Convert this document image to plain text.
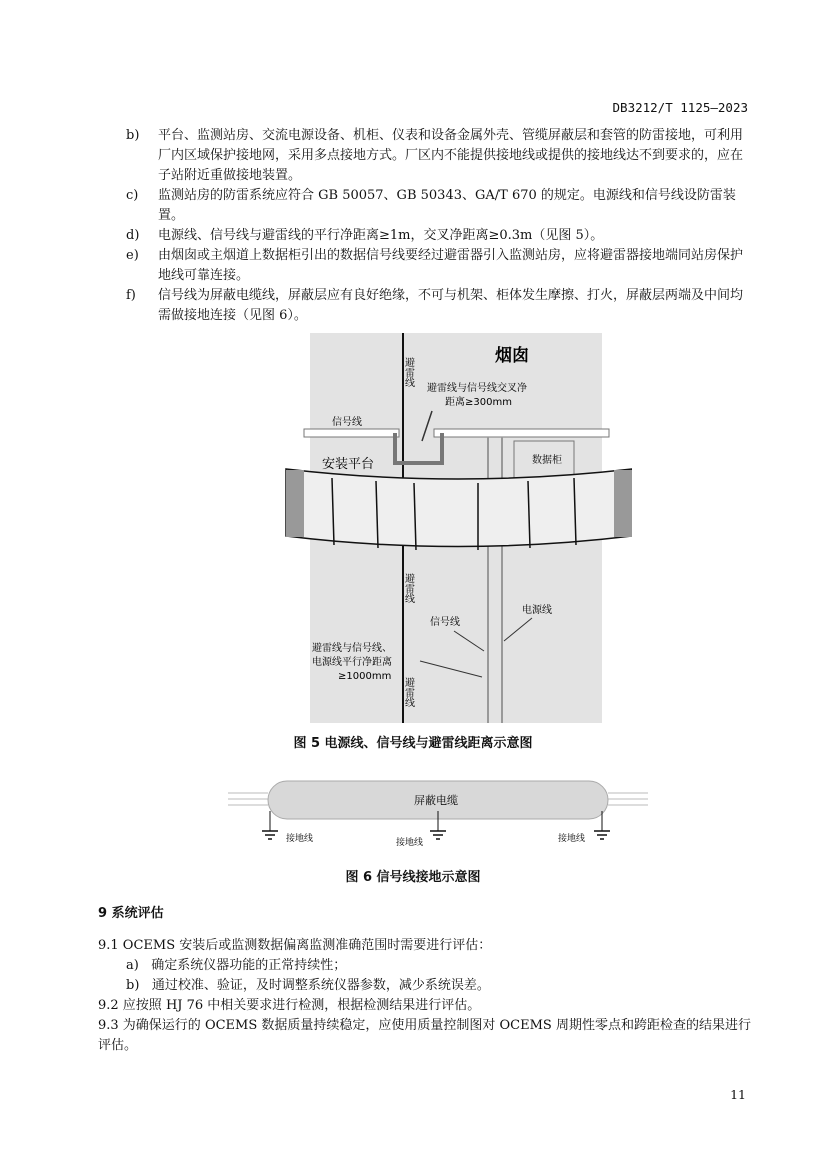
DB3212/T 1125—2023
b) 平台、监测站房、交流电源设备、机柜、仪表和设备金属外壳、管缆屏蔽层和套管的防雷接地，可利用厂内区域保护接地网，采用多点接地方式。厂区内不能提供接地线或提供的接地线达不到要求的，应在子站附近重做接地装置。
c) 监测站房的防雷系统应符合 GB 50057、GB 50343、GA/T 670 的规定。电源线和信号线设防雷装置。
d) 电源线、信号线与避雷线的平行净距离≥1m，交叉净距离≥0.3m（见图 5）。
e) 由烟囱或主烟道上数据柜引出的数据信号线要经过避雷器引入监测站房，应将避雷器接地端同站房保护地线可靠连接。
f) 信号线为屏蔽电缆线，屏蔽层应有良好绝缘，不可与机架、柜体发生摩擦、打火，屏蔽层两端及中间均需做接地连接（见图 6）。
避雷线
烟囱
避雷线与信号线交叉净
距离≥300mm
信号线
安装平台	数据柜
避雷线
避雷线
信号线
电源线
避雷线与信号线、
电源线平行净距离
≥1000mm
图 5 电源线、信号线与避雷线距离示意图
屏蔽电缆
接地线	接地线	接地线
图 6 信号线接地示意图
9 系统评估
9.1 OCEMS 安装后或监测数据偏离监测准确范围时需要进行评估：
a) 确定系统仪器功能的正常持续性；
b) 通过校准、验证，及时调整系统仪器参数，减少系统误差。
9.2 应按照 HJ 76 中相关要求进行检测，根据检测结果进行评估。
9.3 为确保运行的 OCEMS 数据质量持续稳定，应使用质量控制图对 OCEMS 周期性零点和跨距检查的结果进行评估。
11
